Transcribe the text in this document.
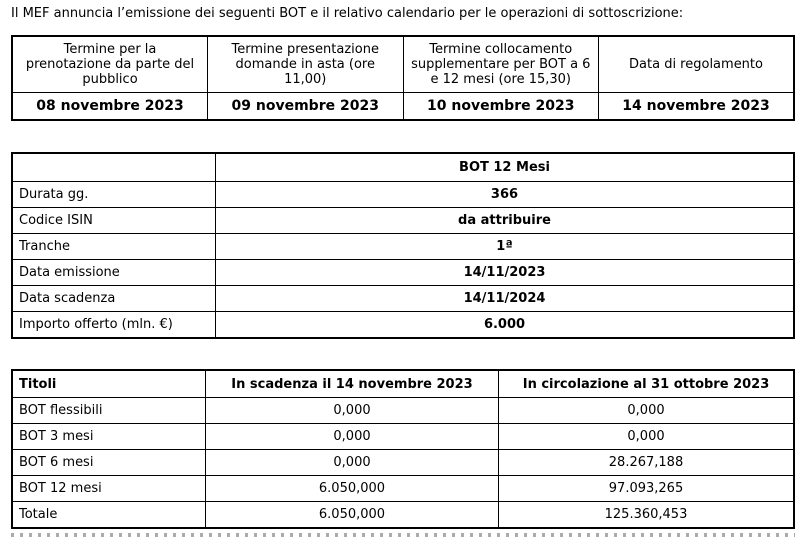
Il MEF annuncia l’emissione dei seguenti BOT e il relativo calendario per le operazioni di sottoscrizione:
Termine per la prenotazione da parte del pubblico	Termine presentazione domande in asta (ore 11,00)	Termine collocamento supplementare per BOT a 6 e 12 mesi (ore 15,30)	Data di regolamento
08 novembre 2023	09 novembre 2023	10 novembre 2023	14 novembre 2023
	BOT 12 Mesi
Durata gg.	366
Codice ISIN	da attribuire
Tranche	1ª
Data emissione	14/11/2023
Data scadenza	14/11/2024
Importo offerto (mln. €)	6.000
Titoli	In scadenza il 14 novembre 2023	In circolazione al 31 ottobre 2023
BOT flessibili	0,000	0,000
BOT 3 mesi	0,000	0,000
BOT 6 mesi	0,000	28.267,188
BOT 12 mesi	6.050,000	97.093,265
Totale	6.050,000	125.360,453
